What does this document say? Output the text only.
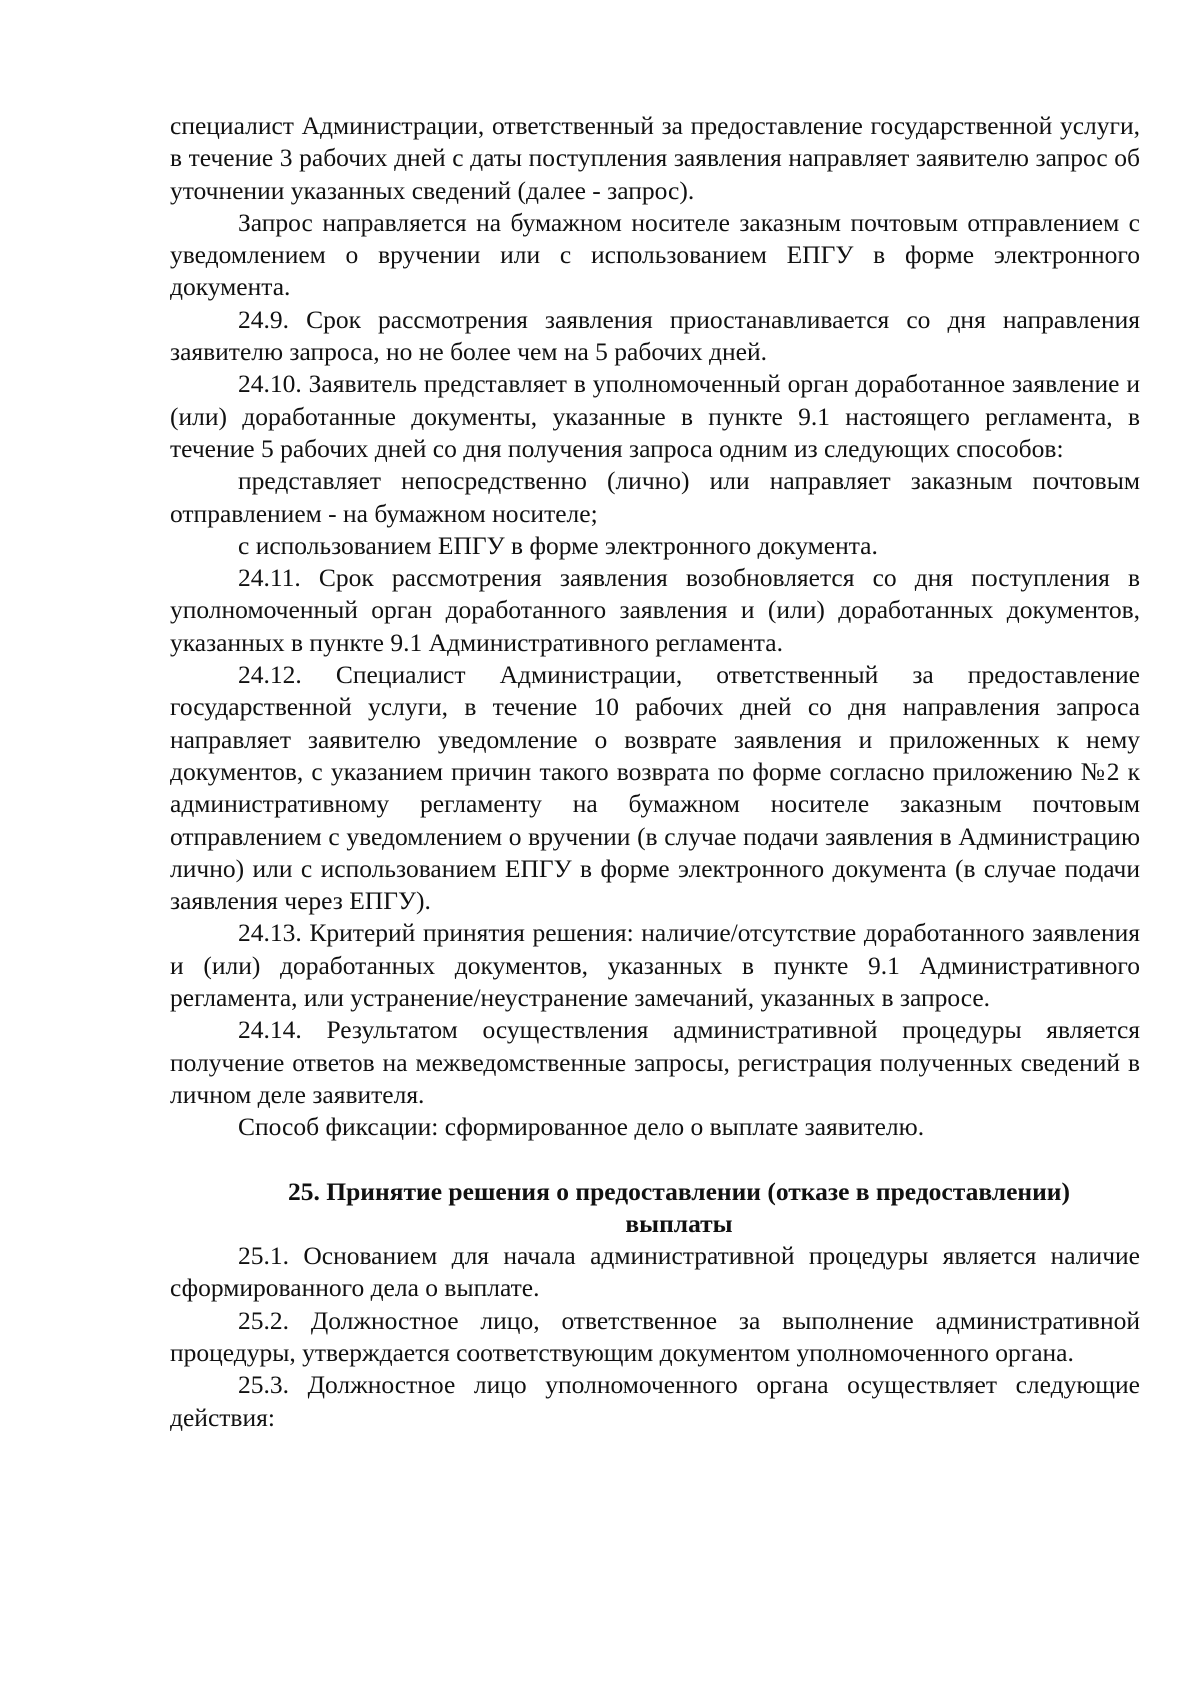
специалист Администрации, ответственный за предоставление государственной услуги, в течение 3 рабочих дней с даты поступления заявления направляет заявителю запрос об уточнении указанных сведений (далее - запрос).

Запрос направляется на бумажном носителе заказным почтовым отправлением с уведомлением о вручении или с использованием ЕПГУ в форме электронного документа.

24.9. Срок рассмотрения заявления приостанавливается со дня направления заявителю запроса, но не более чем на 5 рабочих дней.

24.10. Заявитель представляет в уполномоченный орган доработанное заявление и (или) доработанные документы, указанные в пункте 9.1 настоящего регламента, в течение 5 рабочих дней со дня получения запроса одним из следующих способов:

представляет непосредственно (лично) или направляет заказным почтовым отправлением - на бумажном носителе;

с использованием ЕПГУ в форме электронного документа.

24.11. Срок рассмотрения заявления возобновляется со дня поступления в уполномоченный орган доработанного заявления и (или) доработанных документов, указанных в пункте 9.1 Административного регламента.

24.12. Специалист Администрации, ответственный за предоставление государственной услуги, в течение 10 рабочих дней со дня направления запроса направляет заявителю уведомление о возврате заявления и приложенных к нему документов, с указанием причин такого возврата по форме согласно приложению №2 к административному регламенту на бумажном носителе заказным почтовым отправлением с уведомлением о вручении (в случае подачи заявления в Администрацию лично) или с использованием ЕПГУ в форме электронного документа (в случае подачи заявления через ЕПГУ).

24.13. Критерий принятия решения: наличие/отсутствие доработанного заявления и (или) доработанных документов, указанных в пункте 9.1 Административного регламента, или устранение/неустранение замечаний, указанных в запросе.

24.14. Результатом осуществления административной процедуры является получение ответов на межведомственные запросы, регистрация полученных сведений в личном деле заявителя.

Способ фиксации: сформированное дело о выплате заявителю.

25. Принятие решения о предоставлении (отказе в предоставлении)

выплаты

25.1. Основанием для начала административной процедуры является наличие сформированного дела о выплате.

25.2. Должностное лицо, ответственное за выполнение административной процедуры, утверждается соответствующим документом уполномоченного органа.

25.3. Должностное лицо уполномоченного органа осуществляет следующие действия:
